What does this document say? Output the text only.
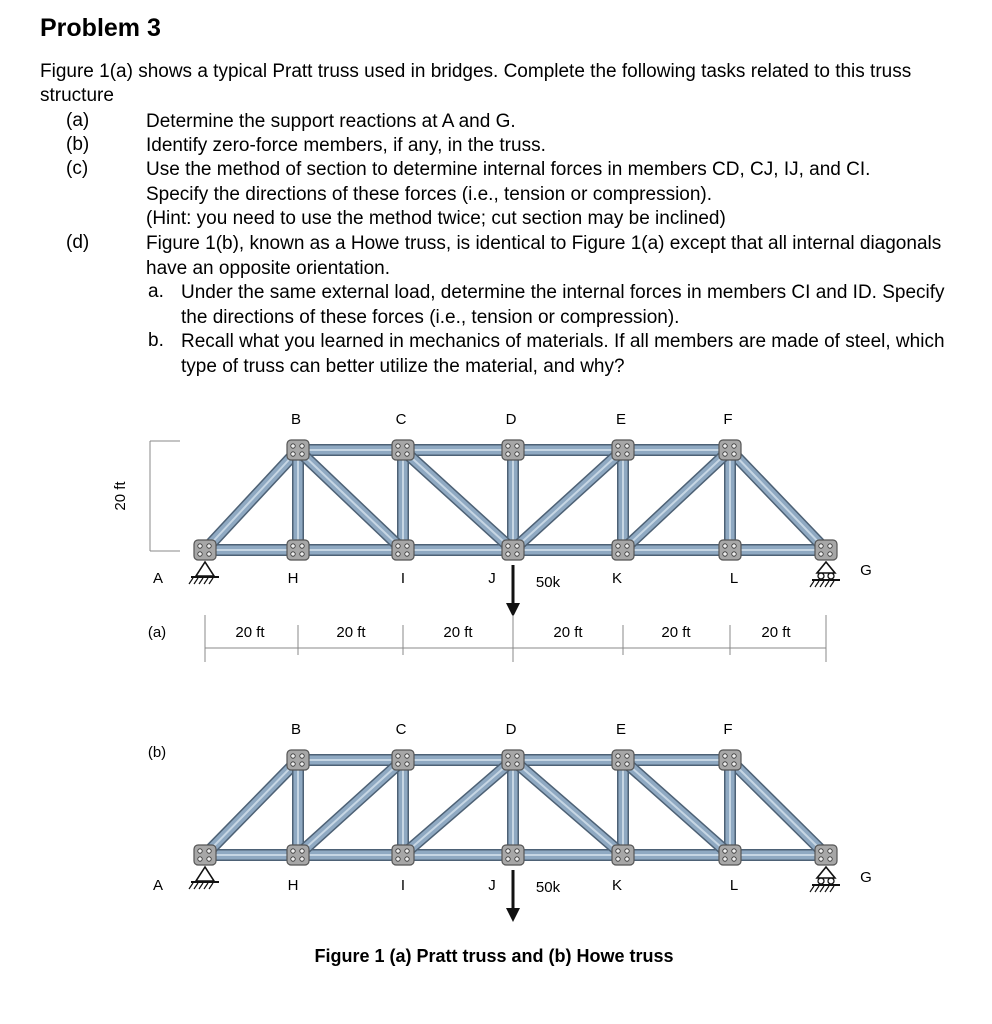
Problem 3

Figure 1(a) shows a typical Pratt truss used in bridges. Complete the following tasks related to this truss structure

(a)	Determine the support reactions at A and G.
(b)	Identify zero-force members, if any, in the truss.
(c)	Use the method of section to determine internal forces in members CD, CJ, IJ, and CI. Specify the directions of these forces (i.e., tension or compression).
(Hint: you need to use the method twice; cut section may be inclined)
(d)	Figure 1(b), known as a Howe truss, is identical to Figure 1(a) except that all internal diagonals have an opposite orientation.
a. Under the same external load, determine the internal forces in members CI and ID. Specify the directions of these forces (i.e., tension or compression).
b. Recall what you learned in mechanics of materials. If all members are made of steel, which type of truss can better utilize the material, and why?
B	C	D	E	F
A	H	I	J	K	L	G
50k
B	C	D	E	F
A	H	I	J	K	L	G
50k
20 ft
20 ft	20 ft	20 ft	20 ft	20 ft	20 ft
(a)
(b)
Figure 1 (a) Pratt truss and (b) Howe truss
